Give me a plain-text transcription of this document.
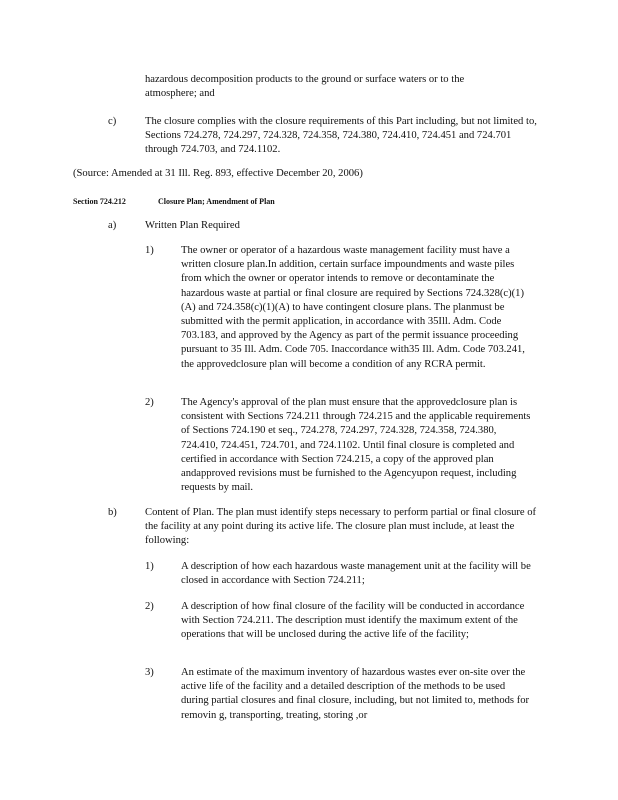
hazardous decomposition products to the ground or surface waters or to the atmosphere; and
c)	The closure complies with the closure requirements of this Part including, but not limited to, Sections 724.278, 724.297, 724.328, 724.358, 724.380, 724.410, 724.451 and 724.701 through 724.703, and 724.1102.
(Source: Amended at 31 Ill. Reg. 893, effective December 20, 2006)
Section 724.212	Closure Plan; Amendment of Plan
a)	Written Plan Required
1)	The owner or operator of a hazardous waste management facility must have a written closure plan.In addition, certain surface impoundments and waste piles from which the owner or operator intends to remove or decontaminate the hazardous waste at partial or final closure are required by Sections 724.328(c)(1)(A) and 724.358(c)(1)(A) to have contingent closure plans. The planmust be submitted with the permit application, in accordance with 35Ill. Adm. Code 703.183, and approved by the Agency as part of the permit issuance proceeding pursuant to 35 Ill. Adm. Code 705. Inaccordance with35 Ill. Adm. Code 703.241, the approvedclosure plan will become a condition of any RCRA permit.
2)	The Agency's approval of the plan must ensure that the approvedclosure plan is consistent with Sections 724.211 through 724.215 and the applicable requirements of Sections 724.190 et seq., 724.278, 724.297, 724.328, 724.358, 724.380, 724.410, 724.451, 724.701, and 724.1102. Until final closure is completed and certified in accordance with Section 724.215, a copy of the approved plan andapproved revisions must be furnished to the Agencyupon request, including requests by mail.
b)	Content of Plan. The plan must identify steps necessary to perform partial or final closure of the facility at any point during its active life. The closure plan must include, at least the following:
1)	A description of how each hazardous waste management unit at the facility will be closed in accordance with Section 724.211;
2)	A description of how final closure of the facility will be conducted in accordance with Section 724.211. The description must identify the maximum extent of the operations that will be unclosed during the active life of the facility;
3)	An estimate of the maximum inventory of hazardous wastes ever on-site over the active life of the facility and a detailed description of the methods to be used during partial closures and final closure, including, but not limited to, methods for removin g, transporting, treating, storing ,or
